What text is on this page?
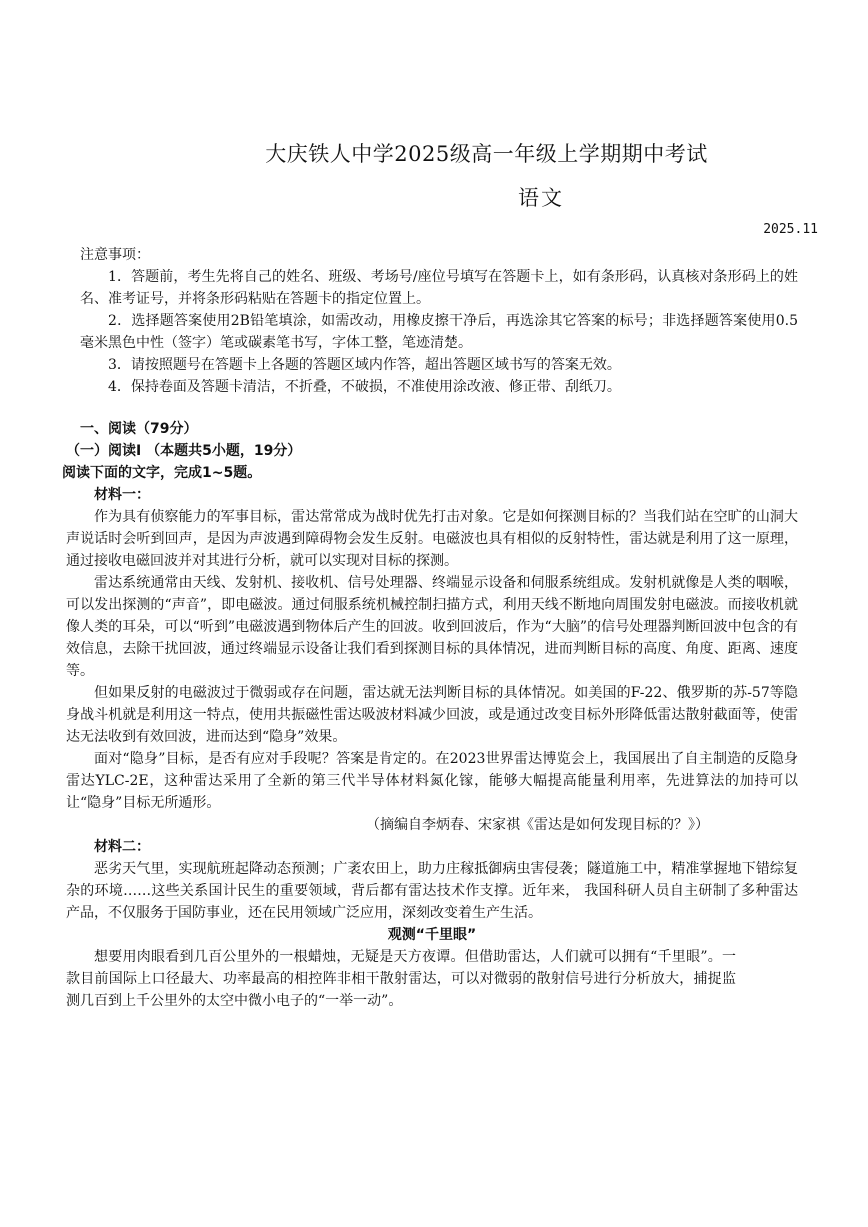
大庆铁人中学2025级高一年级上学期期中考试
语文
2025.11
注意事项：
1．答题前，考生先将自己的姓名、班级、考场号/座位号填写在答题卡上，如有条形码，认真核对条形码上的姓名、准考证号，并将条形码粘贴在答题卡的指定位置上。
2．选择题答案使用2B铅笔填涂，如需改动，用橡皮擦干净后，再选涂其它答案的标号；非选择题答案使用0.5毫米黑色中性（签字）笔或碳素笔书写，字体工整，笔迹清楚。
3．请按照题号在答题卡上各题的答题区域内作答，超出答题区域书写的答案无效。
4．保持卷面及答题卡清洁，不折叠，不破损，不准使用涂改液、修正带、刮纸刀。
一、阅读（79分）
（一）阅读Ⅰ （本题共5小题，19分）
阅读下面的文字，完成1~5题。
材料一：
作为具有侦察能力的军事目标，雷达常常成为战时优先打击对象。它是如何探测目标的？当我们站在空旷的山洞大声说话时会听到回声，是因为声波遇到障碍物会发生反射。电磁波也具有相似的反射特性，雷达就是利用了这一原理，通过接收电磁回波并对其进行分析，就可以实现对目标的探测。
雷达系统通常由天线、发射机、接收机、信号处理器、终端显示设备和伺服系统组成。发射机就像是人类的咽喉，可以发出探测的“声音”，即电磁波。通过伺服系统机械控制扫描方式，利用天线不断地向周围发射电磁波。而接收机就像人类的耳朵，可以“听到”电磁波遇到物体后产生的回波。收到回波后，作为“大脑”的信号处理器判断回波中包含的有效信息，去除干扰回波，通过终端显示设备让我们看到探测目标的具体情况，进而判断目标的高度、角度、距离、速度等。
但如果反射的电磁波过于微弱或存在问题，雷达就无法判断目标的具体情况。如美国的F-22、俄罗斯的苏-57等隐身战斗机就是利用这一特点，使用共振磁性雷达吸波材料减少回波，或是通过改变目标外形降低雷达散射截面等，使雷达无法收到有效回波，进而达到“隐身”效果。
面对“隐身”目标，是否有应对手段呢？答案是肯定的。在2023世界雷达博览会上，我国展出了自主制造的反隐身雷达YLC-2E，这种雷达采用了全新的第三代半导体材料氮化镓，能够大幅提高能量利用率，先进算法的加持可以让“隐身”目标无所遁形。
（摘编自李炳春、宋家祺《雷达是如何发现目标的？》）
材料二：
恶劣天气里，实现航班起降动态预测；广袤农田上，助力庄稼抵御病虫害侵袭；隧道施工中，精准掌握地下错综复杂的环境……这些关系国计民生的重要领域，背后都有雷达技术作支撑。近年来， 我国科研人员自主研制了多种雷达产品，不仅服务于国防事业，还在民用领域广泛应用，深刻改变着生产生活。
观测“千里眼”
想要用肉眼看到几百公里外的一根蜡烛，无疑是天方夜谭。但借助雷达，人们就可以拥有“千里眼”。一款目前国际上口径最大、功率最高的相控阵非相干散射雷达，可以对微弱的散射信号进行分析放大，捕捉监测几百到上千公里外的太空中微小电子的“一举一动”。
